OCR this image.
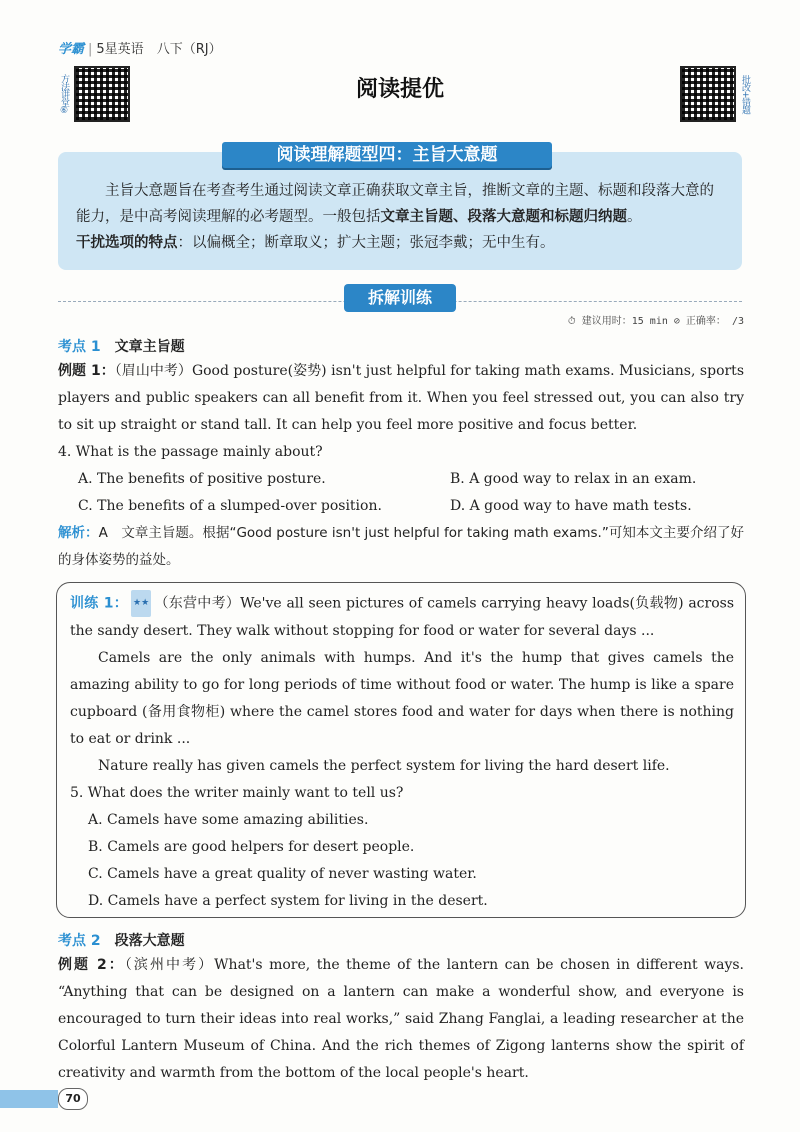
学霸 | 5星英语　 八下（RJ）
方法讲堂⑥	批改+错题
阅读提优
阅读理解题型四：主旨大意题
主旨大意题旨在考查考生通过阅读文章正确获取文章主旨，推断文章的主题、标题和段落大意的能力，是中高考阅读理解的必考题型。一般包括文章主旨题、段落大意题和标题归纳题。
干扰选项的特点：以偏概全；断章取义；扩大主题；张冠李戴；无中生有。
拆解训练
⏱ 建议用时：15 min ⊘ 正确率： /3
考点 1 文章主旨题
例题 1：（眉山中考）Good posture(姿势) isn't just helpful for taking math exams. Musicians, sports players and public speakers can all benefit from it. When you feel stressed out, you can also try to sit up straight or stand tall. It can help you feel more positive and focus better.
4. What is the passage mainly about?
A. The benefits of positive posture.	B. A good way to relax in an exam.
C. The benefits of a slumped-over position.	D. A good way to have math tests.
解析：A　文章主旨题。根据“Good posture isn't just helpful for taking math exams.”可知本文主要介绍了好的身体姿势的益处。
训练 1： ★★ （东营中考）We've all seen pictures of camels carrying heavy loads(负载物) across the sandy desert. They walk without stopping for food or water for several days ...
Camels are the only animals with humps. And it's the hump that gives camels the amazing ability to go for long periods of time without food or water. The hump is like a spare cupboard (备用食物柜) where the camel stores food and water for days when there is nothing to eat or drink ...
Nature really has given camels the perfect system for living the hard desert life.
5. What does the writer mainly want to tell us?
A. Camels have some amazing abilities.
B. Camels are good helpers for desert people.
C. Camels have a great quality of never wasting water.
D. Camels have a perfect system for living in the desert.
考点 2 段落大意题
例题 2：（滨州中考）What's more, the theme of the lantern can be chosen in different ways. “Anything that can be designed on a lantern can make a wonderful show, and everyone is encouraged to turn their ideas into real works,” said Zhang Fanglai, a leading researcher at the Colorful Lantern Museum of China. And the rich themes of Zigong lanterns show the spirit of creativity and warmth from the bottom of the local people's heart.
70
